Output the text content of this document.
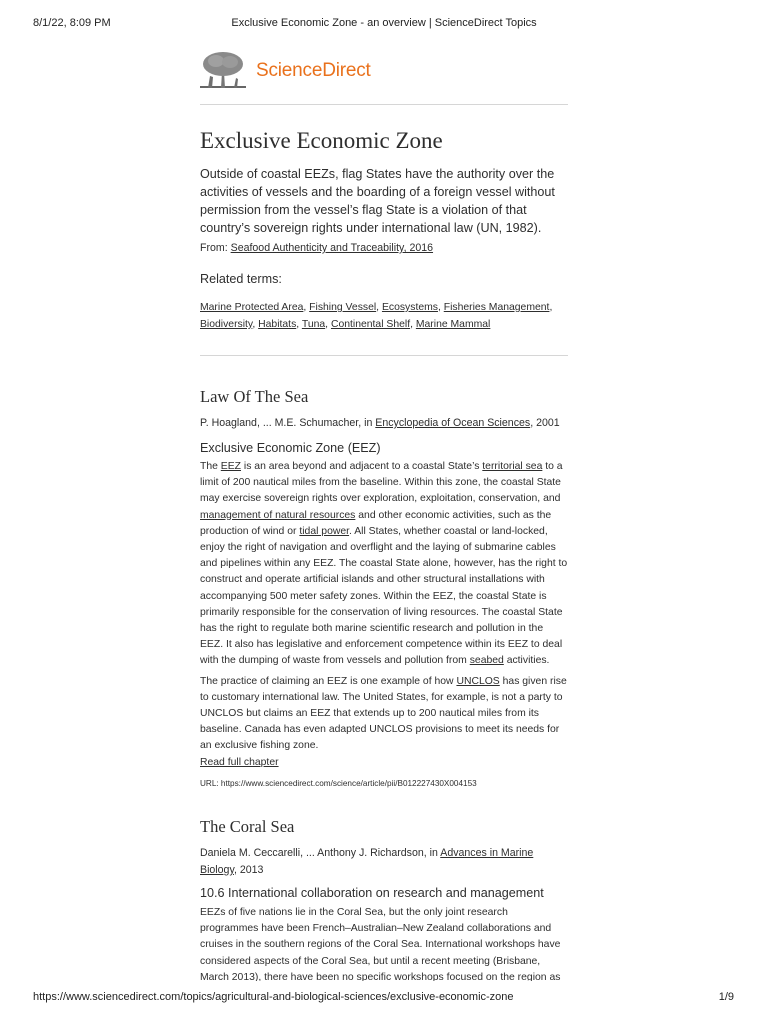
8/1/22, 8:09 PM	Exclusive Economic Zone - an overview | ScienceDirect Topics
ScienceDirect
Exclusive Economic Zone
Outside of coastal EEZs, flag States have the authority over the activities of vessels and the boarding of a foreign vessel without permission from the vessel’s flag State is a violation of that country’s sovereign rights under international law (UN, 1982).
From: Seafood Authenticity and Traceability, 2016
Related terms:
Marine Protected Area, Fishing Vessel, Ecosystems, Fisheries Management,
Biodiversity, Habitats, Tuna, Continental Shelf, Marine Mammal
Law Of The Sea
P. Hoagland, ... M.E. Schumacher, in Encyclopedia of Ocean Sciences, 2001
Exclusive Economic Zone (EEZ)

The EEZ is an area beyond and adjacent to a coastal State’s territorial sea to a limit of 200 nautical miles from the baseline. Within this zone, the coastal State may exercise sovereign rights over exploration, exploitation, conservation, and management of natural resources and other economic activities, such as the production of wind or tidal power. All States, whether coastal or land-locked, enjoy the right of navigation and overflight and the laying of submarine cables and pipelines within any EEZ. The coastal State alone, however, has the right to construct and operate artificial islands and other structural installations with accompanying 500 meter safety zones. Within the EEZ, the coastal State is primarily responsible for the conservation of living resources. The coastal State has the right to regulate both marine scientific research and pollution in the EEZ. It also has legislative and enforcement competence within its EEZ to deal with the dumping of waste from vessels and pollution from seabed activities.

The practice of claiming an EEZ is one example of how UNCLOS has given rise to customary international law. The United States, for example, is not a party to UNCLOS but claims an EEZ that extends up to 200 nautical miles from its baseline. Canada has even adapted UNCLOS provisions to meet its needs for an exclusive fishing zone.

Read full chapter
URL: https://www.sciencedirect.com/science/article/pii/B012227430X004153
The Coral Sea
Daniela M. Ceccarelli, ... Anthony J. Richardson, in Advances in Marine Biology, 2013
10.6 International collaboration on research and management

EEZs of five nations lie in the Coral Sea, but the only joint research programmes have been French–Australian–New Zealand collaborations and cruises in the southern regions of the Coral Sea. International workshops have considered aspects of the Coral Sea, but until a recent meeting (Brisbane, March 2013), there have been no specific workshops focused on the region as

https://www.sciencedirect.com/topics/agricultural-and-biological-sciences/exclusive-economic-zone	1/9
